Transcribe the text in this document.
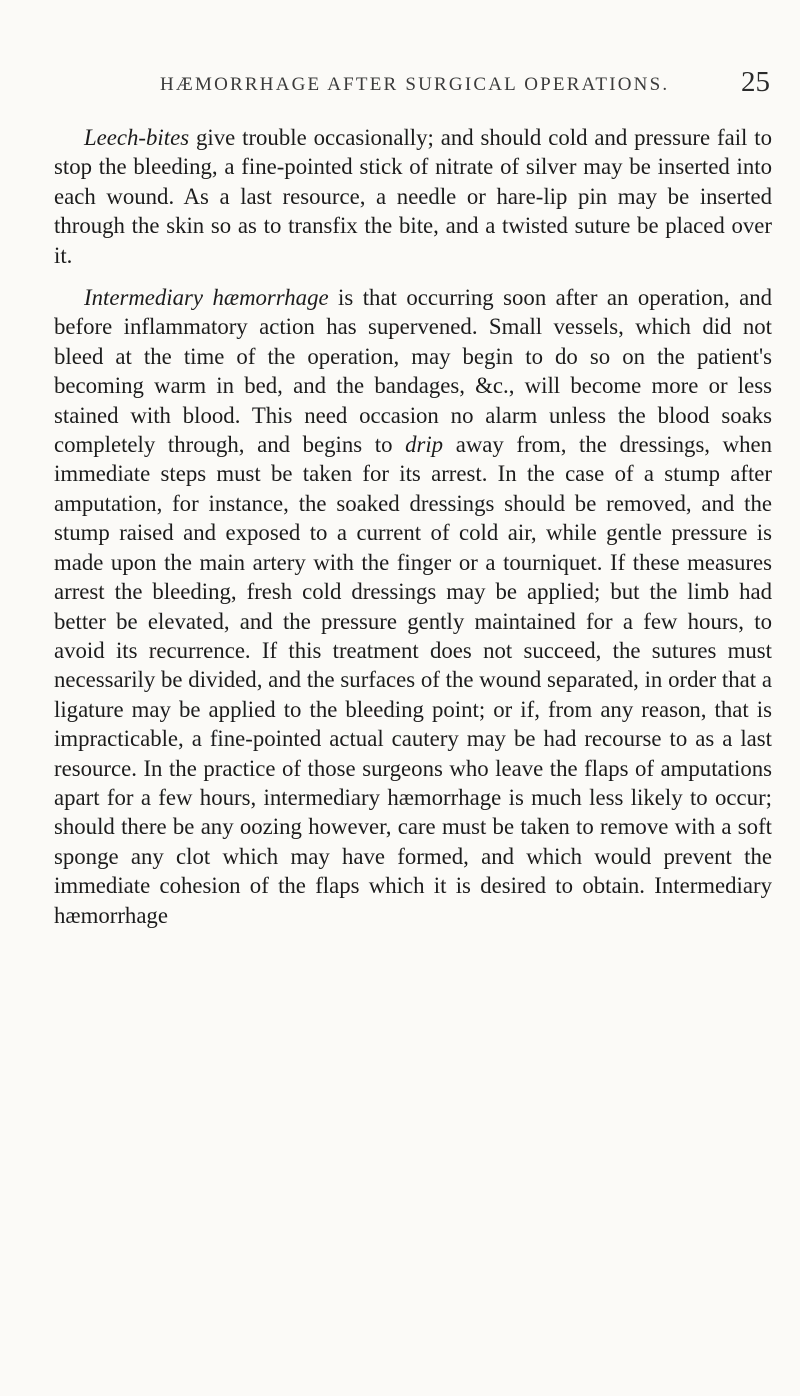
HÆMORRHAGE AFTER SURGICAL OPERATIONS. 25

Leech-bites give trouble occasionally; and should cold and pressure fail to stop the bleeding, a fine-pointed stick of nitrate of silver may be inserted into each wound. As a last resource, a needle or hare-lip pin may be inserted through the skin so as to transfix the bite, and a twisted suture be placed over it.

Intermediary hæmorrhage is that occurring soon after an operation, and before inflammatory action has supervened. Small vessels, which did not bleed at the time of the operation, may begin to do so on the patient's becoming warm in bed, and the bandages, &c., will become more or less stained with blood. This need occasion no alarm unless the blood soaks completely through, and begins to drip away from, the dressings, when immediate steps must be taken for its arrest. In the case of a stump after amputation, for instance, the soaked dressings should be removed, and the stump raised and exposed to a current of cold air, while gentle pressure is made upon the main artery with the finger or a tourniquet. If these measures arrest the bleeding, fresh cold dressings may be applied; but the limb had better be elevated, and the pressure gently maintained for a few hours, to avoid its recurrence. If this treatment does not succeed, the sutures must necessarily be divided, and the surfaces of the wound separated, in order that a ligature may be applied to the bleeding point; or if, from any reason, that is impracticable, a fine-pointed actual cautery may be had recourse to as a last resource. In the practice of those surgeons who leave the flaps of amputations apart for a few hours, intermediary hæmorrhage is much less likely to occur; should there be any oozing however, care must be taken to remove with a soft sponge any clot which may have formed, and which would prevent the immediate cohesion of the flaps which it is desired to obtain. Intermediary hæmorrhage
